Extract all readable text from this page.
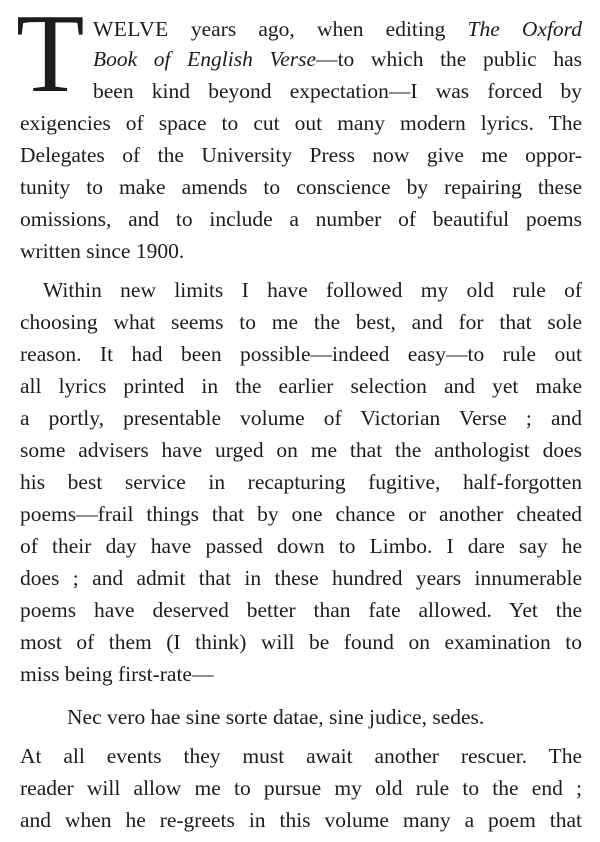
T WELVE years ago, when editing The Oxford
Book of English Verse—to which the public has
been kind beyond expectation—I was forced by
exigencies of space to cut out many modern lyrics. The
Delegates of the University Press now give me oppor-
tunity to make amends to conscience by repairing these
omissions, and to include a number of beautiful poems
written since 1900.
Within new limits I have followed my old rule of
choosing what seems to me the best, and for that sole
reason. It had been possible—indeed easy—to rule out
all lyrics printed in the earlier selection and yet make
a portly, presentable volume of Victorian Verse ; and
some advisers have urged on me that the anthologist does
his best service in recapturing fugitive, half-forgotten
poems—frail things that by one chance or another cheated
of their day have passed down to Limbo. I dare say he
does ; and admit that in these hundred years innumerable
poems have deserved better than fate allowed. Yet the
most of them (I think) will be found on examination to
miss being first-rate—
Nec vero hae sine sorte datae, sine judice, sedes.
At all events they must await another rescuer. The
reader will allow me to pursue my old rule to the end ;
and when he re-greets in this volume many a poem that
